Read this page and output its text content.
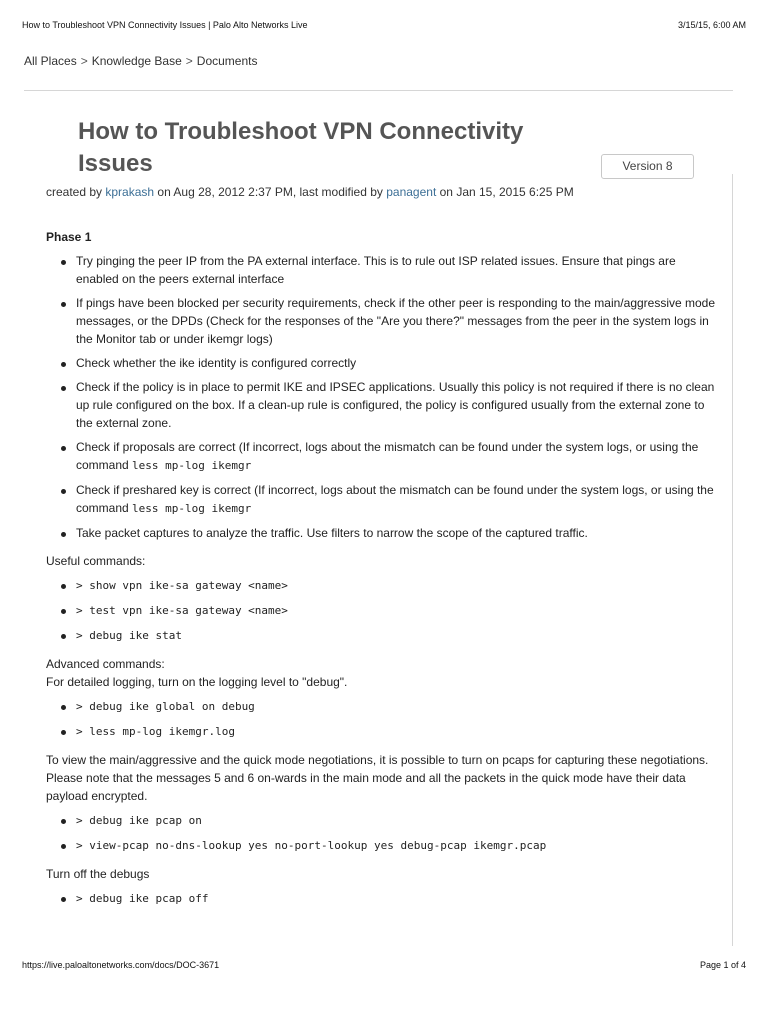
How to Troubleshoot VPN Connectivity Issues | Palo Alto Networks Live	3/15/15, 6:00 AM
All Places > Knowledge Base > Documents
How to Troubleshoot VPN Connectivity
Issues	Version 8
created by kprakash on Aug 28, 2012 2:37 PM, last modified by panagent on Jan 15, 2015 6:25 PM

Phase 1

Try pinging the peer IP from the PA external interface. This is to rule out ISP related issues. Ensure that pings are enabled on the peers external interface
If pings have been blocked per security requirements, check if the other peer is responding to the main/aggressive mode messages, or the DPDs (Check for the responses of the "Are you there?" messages from the peer in the system logs in the Monitor tab or under ikemgr logs)
Check whether the ike identity is configured correctly
Check if the policy is in place to permit IKE and IPSEC applications. Usually this policy is not required if there is no clean up rule configured on the box. If a clean-up rule is configured, the policy is configured usually from the external zone to the external zone.
Check if proposals are correct (If incorrect, logs about the mismatch can be found under the system logs, or using the command less mp-log ikemgr
Check if preshared key is correct (If incorrect, logs about the mismatch can be found under the system logs, or using the command less mp-log ikemgr
Take packet captures to analyze the traffic. Use filters to narrow the scope of the captured traffic.

Useful commands:

> show vpn ike-sa gateway <name>
> test vpn ike-sa gateway <name>
> debug ike stat

Advanced commands:

For detailed logging, turn on the logging level to "debug".

> debug ike global on debug
> less mp-log ikemgr.log

To view the main/aggressive and the quick mode negotiations, it is possible to turn on pcaps for capturing these negotiations. Please note that the messages 5 and 6 on-wards in the main mode and all the packets in the quick mode have their data payload encrypted.

> debug ike pcap on
> view-pcap no-dns-lookup yes no-port-lookup yes debug-pcap ikemgr.pcap

Turn off the debugs

> debug ike pcap off
https://live.paloaltonetworks.com/docs/DOC-3671	Page 1 of 4
